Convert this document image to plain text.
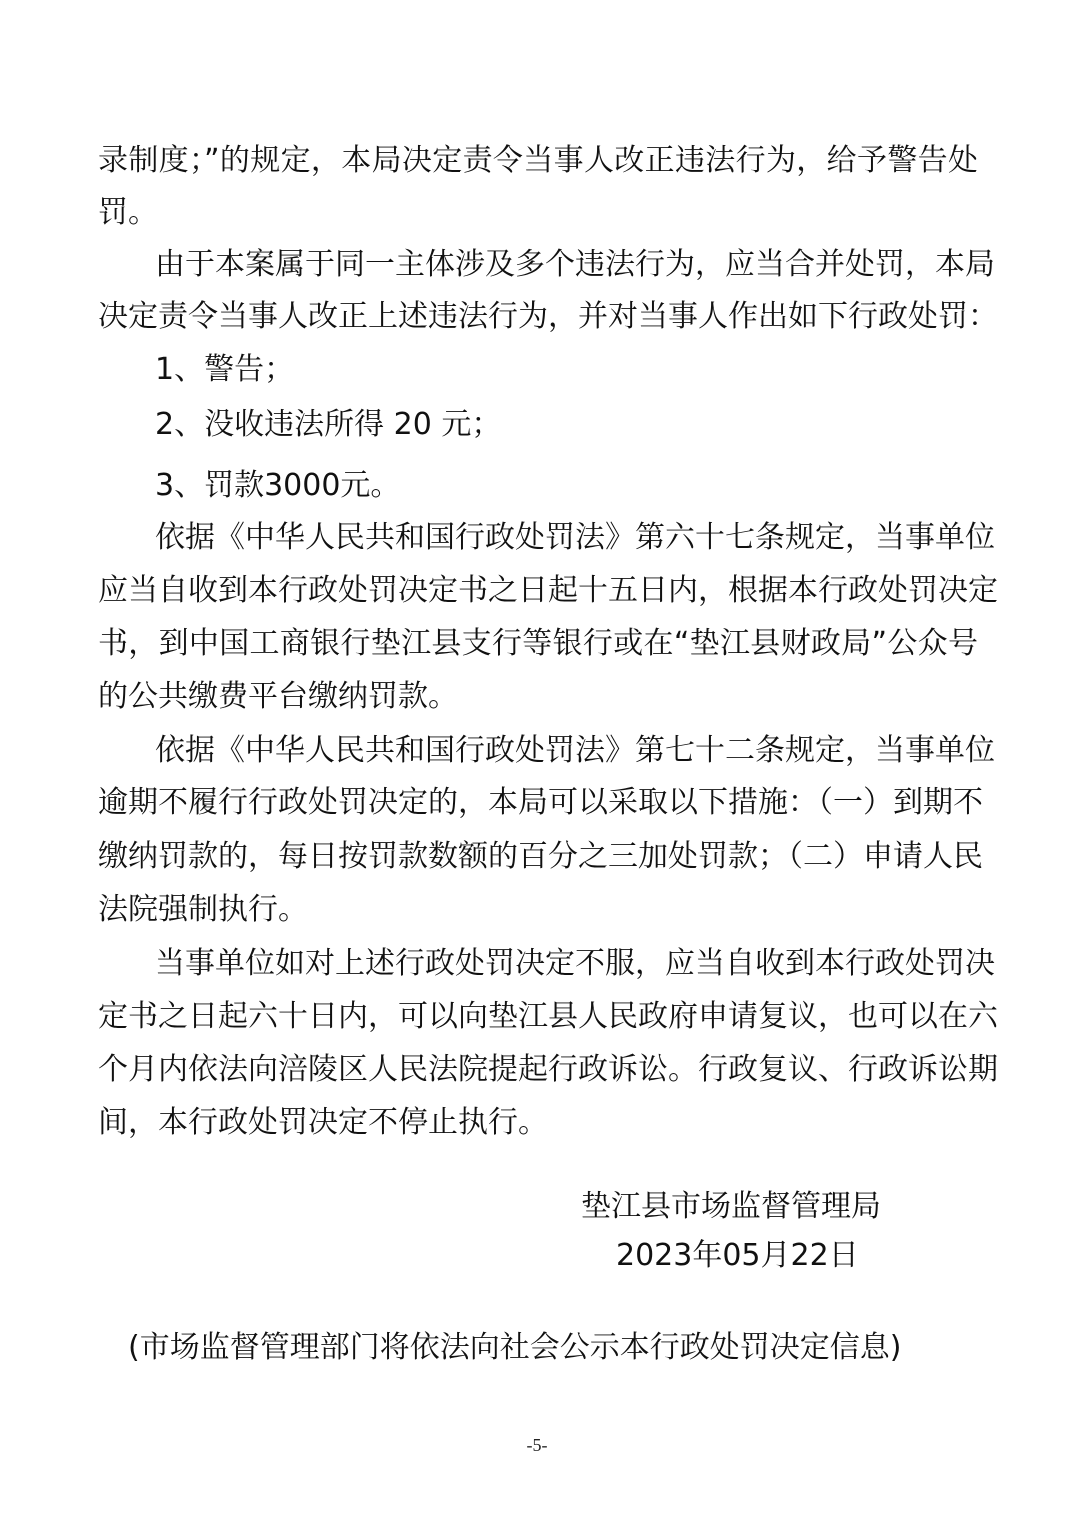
录制度；”的规定，本局决定责令当事人改正违法行为，给予警告处
罚。
由于本案属于同一主体涉及多个违法行为，应当合并处罚，本局
决定责令当事人改正上述违法行为，并对当事人作出如下行政处罚：
1、警告；
2、没收违法所得 20 元；
3、罚款3000元。
依据《中华人民共和国行政处罚法》第六十七条规定，当事单位
应当自收到本行政处罚决定书之日起十五日内，根据本行政处罚决定
书，到中国工商银行垫江县支行等银行或在“垫江县财政局”公众号
的公共缴费平台缴纳罚款。
依据《中华人民共和国行政处罚法》第七十二条规定，当事单位
逾期不履行行政处罚决定的，本局可以采取以下措施：（一）到期不
缴纳罚款的，每日按罚款数额的百分之三加处罚款；（二）申请人民
法院强制执行。
当事单位如对上述行政处罚决定不服，应当自收到本行政处罚决
定书之日起六十日内，可以向垫江县人民政府申请复议，也可以在六
个月内依法向涪陵区人民法院提起行政诉讼。行政复议、行政诉讼期
间，本行政处罚决定不停止执行。
垫江县市场监督管理局
2023年05月22日
(市场监督管理部门将依法向社会公示本行政处罚决定信息)
-5-
